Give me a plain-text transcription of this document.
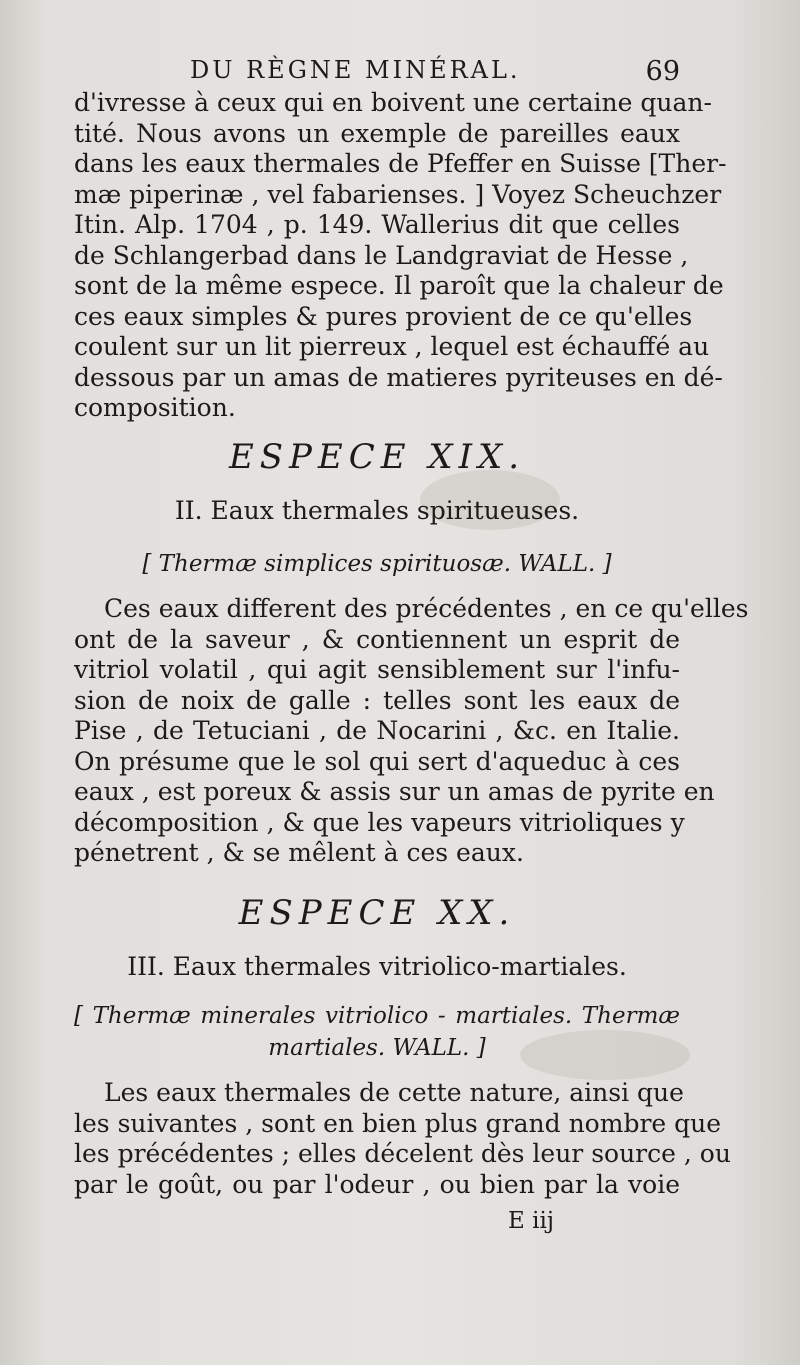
DU RÈGNE MINÉRAL.	69
d'ivresse à ceux qui en boivent une certaine quan-
tité. Nous avons un exemple de pareilles eaux
dans les eaux thermales de Pfeffer en Suisse [Ther-
mæ piperinæ , vel fabarienses. ] Voyez Scheuchzer
Itin. Alp. 1704 , p. 149. Wallerius dit que celles
de Schlangerbad dans le Landgraviat de Hesse ,
sont de la même espece. Il paroît que la chaleur de
ces eaux simples & pures provient de ce qu'elles
coulent sur un lit pierreux , lequel est échauffé au
dessous par un amas de matieres pyriteuses en dé-
composition.
ESPECE XIX.
II. Eaux thermales spiritueuses.
[ Thermæ simplices spirituosæ. WALL. ]
Ces eaux different des précédentes , en ce qu'elles
ont de la saveur , & contiennent un esprit de
vitriol volatil , qui agit sensiblement sur l'infu-
sion de noix de galle : telles sont les eaux de
Pise , de Tetuciani , de Nocarini , &c. en Italie.
On présume que le sol qui sert d'aqueduc à ces
eaux , est poreux & assis sur un amas de pyrite en
décomposition , & que les vapeurs vitrioliques y
pénetrent , & se mêlent à ces eaux.
ESPECE XX.
III. Eaux thermales vitriolico-martiales.
[ Thermæ minerales vitriolico - martiales. Thermæ
martiales. WALL. ]
Les eaux thermales de cette nature, ainsi que
les suivantes , sont en bien plus grand nombre que
les précédentes ; elles décelent dès leur source , ou
par le goût, ou par l'odeur , ou bien par la voie
E iij
